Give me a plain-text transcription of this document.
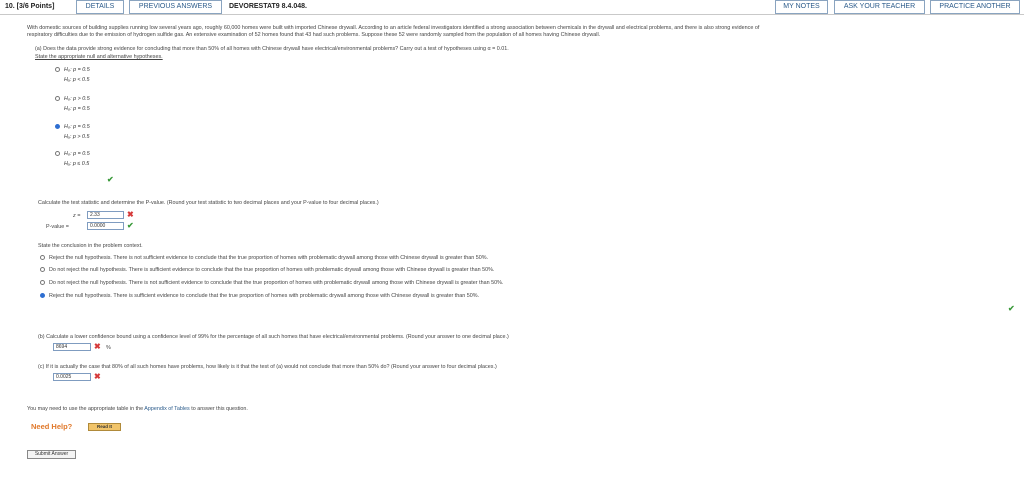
10. [3/6 Points]	DETAILS	PREVIOUS ANSWERS	DEVORESTAT9 8.4.048.	MY NOTES	ASK YOUR TEACHER	PRACTICE ANOTHER
With domestic sources of building supplies running low several years ago, roughly 60,000 homes were built with imported Chinese drywall. According to an article federal investigators identified a strong association between chemicals in the drywall and electrical problems, and there is also strong evidence of
respiratory difficulties due to the emission of hydrogen sulfide gas. An extensive examination of 52 homes found that 43 had such problems. Suppose these 52 were randomly sampled from the population of all homes having Chinese drywall.
(a) Does the data provide strong evidence for concluding that more than 50% of all homes with Chinese drywall have electrical/environmental problems? Carry out a test of hypotheses using α = 0.01.
State the appropriate null and alternative hypotheses.
H₀: p = 0.5
Hₐ: p < 0.5
H₀: p > 0.5
H₀: p = 0.5
H₀: p = 0.5
Hₐ: p > 0.5
H₀: p = 0.5
Hₐ: p ≤ 0.5
✔
Calculate the test statistic and determine the P-value. (Round your test statistic to two decimal places and your P-value to four decimal places.)
z =	2.33	✖
P-value =	0.0000	✔
State the conclusion in the problem context.
Reject the null hypothesis. There is not sufficient evidence to conclude that the true proportion of homes with problematic drywall among those with Chinese drywall is greater than 50%.
Do not reject the null hypothesis. There is sufficient evidence to conclude that the true proportion of homes with problematic drywall among those with Chinese drywall is greater than 50%.
Do not reject the null hypothesis. There is not sufficient evidence to conclude that the true proportion of homes with problematic drywall among those with Chinese drywall is greater than 50%.
Reject the null hypothesis. There is sufficient evidence to conclude that the true proportion of homes with problematic drywall among those with Chinese drywall is greater than 50%.
✔
(b) Calculate a lower confidence bound using a confidence level of 99% for the percentage of all such homes that have electrical/environmental problems. (Round your answer to one decimal place.)
8694	✖ %
(c) If it is actually the case that 80% of all such homes have problems, how likely is it that the test of (a) would not conclude that more than 50% do? (Round your answer to four decimal places.)
0.0025	✖
You may need to use the appropriate table in the Appendix of Tables to answer this question.
Need Help?	Read It
Submit Answer
